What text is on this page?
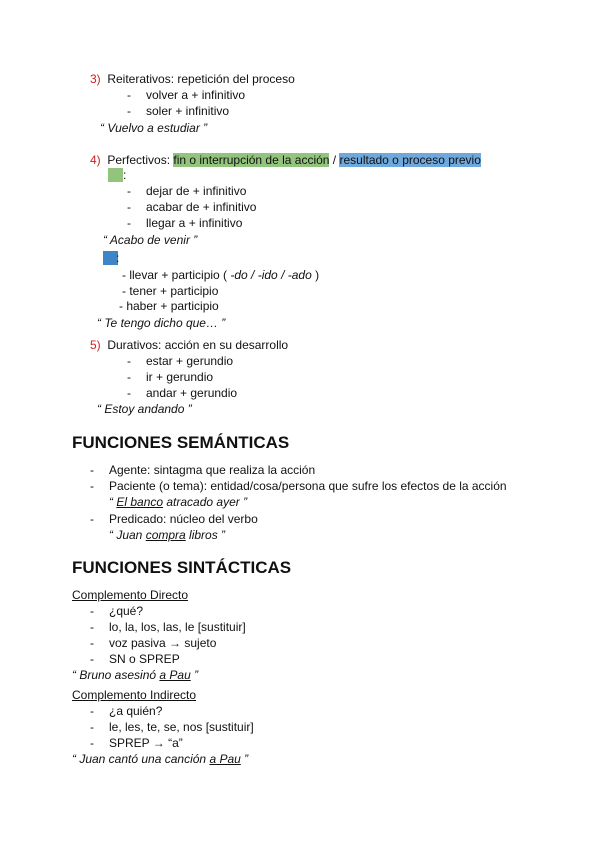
3) Reiterativos: repetición del proceso
- volver a + infinitivo
- soler + infinitivo
“ Vuelvo a estudiar ”
4) Perfectivos: fin o interrupción de la acción / resultado o proceso previo
:
- dejar de + infinitivo
- acabar de + infinitivo
- llegar a + infinitivo
“ Acabo de venir ”
:
- llevar + participio ( -do / -ido / -ado )
- tener + participio
- haber + participio
“ Te tengo dicho que… ”
5) Durativos: acción en su desarrollo
- estar + gerundio
- ir + gerundio
- andar + gerundio
“ Estoy andando ”
FUNCIONES SEMÁNTICAS
- Agente: sintagma que realiza la acción
- Paciente (o tema): entidad/cosa/persona que sufre los efectos de la acción
“ El banco atracado ayer ”
- Predicado: núcleo del verbo
“ Juan compra libros ”
FUNCIONES SINTÁCTICAS
Complemento Directo
- ¿qué?
- lo, la, los, las, le [sustituir]
- voz pasiva → sujeto
- SN o SPREP
“ Bruno asesinó a Pau ”
Complemento Indirecto
- ¿a quién?
- le, les, te, se, nos [sustituir]
- SPREP → “a”
“ Juan cantó una canción a Pau ”
